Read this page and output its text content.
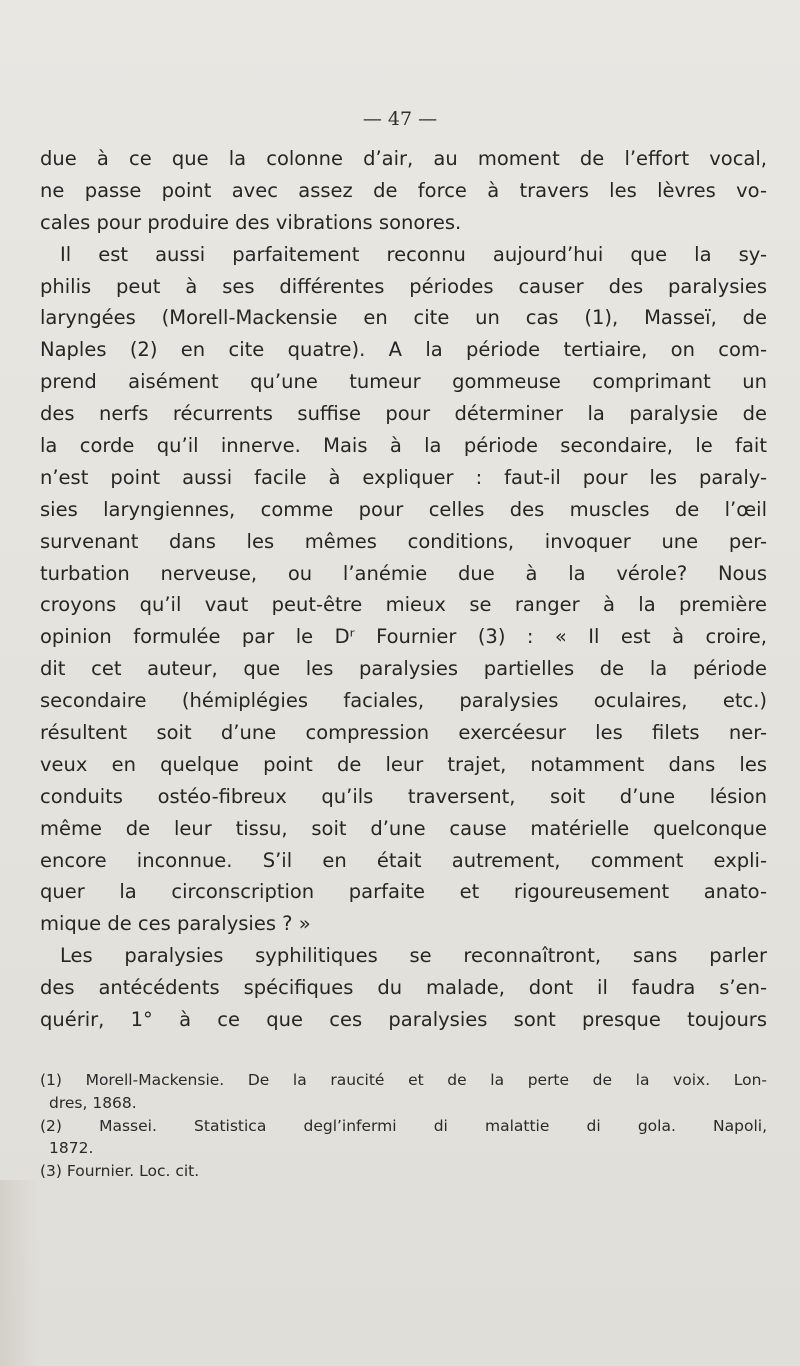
— 47 —
due à ce que la colonne d’air, au moment de l’effort vocal,
ne passe point avec assez de force à travers les lèvres vo-
cales pour produire des vibrations sonores.
Il est aussi parfaitement reconnu aujourd’hui que la sy-
philis peut à ses différentes périodes causer des paralysies
laryngées (Morell-Mackensie en cite un cas (1), Masseï, de
Naples (2) en cite quatre). A la période tertiaire, on com-
prend aisément qu’une tumeur gommeuse comprimant un
des nerfs récurrents suffise pour déterminer la paralysie de
la corde qu’il innerve. Mais à la période secondaire, le fait
n’est point aussi facile à expliquer : faut-il pour les paraly-
sies laryngiennes, comme pour celles des muscles de l’œil
survenant dans les mêmes conditions, invoquer une per-
turbation nerveuse, ou l’anémie due à la vérole? Nous
croyons qu’il vaut peut-être mieux se ranger à la première
opinion formulée par le Dʳ Fournier (3) : « Il est à croire,
dit cet auteur, que les paralysies partielles de la période
secondaire (hémiplégies faciales, paralysies oculaires, etc.)
résultent soit d’une compression exercéesur les filets ner-
veux en quelque point de leur trajet, notamment dans les
conduits ostéo-fibreux qu’ils traversent, soit d’une lésion
même de leur tissu, soit d’une cause matérielle quelconque
encore inconnue. S’il en était autrement, comment expli-
quer la circonscription parfaite et rigoureusement anato-
mique de ces paralysies ? »
Les paralysies syphilitiques se reconnaîtront, sans parler
des antécédents spécifiques du malade, dont il faudra s’en-
quérir, 1° à ce que ces paralysies sont presque toujours
(1) Morell-Mackensie. De la raucité et de la perte de la voix. Lon-
dres, 1868.
(2) Massei. Statistica degl’infermi di malattie di gola. Napoli,
1872.
(3) Fournier. Loc. cit.
